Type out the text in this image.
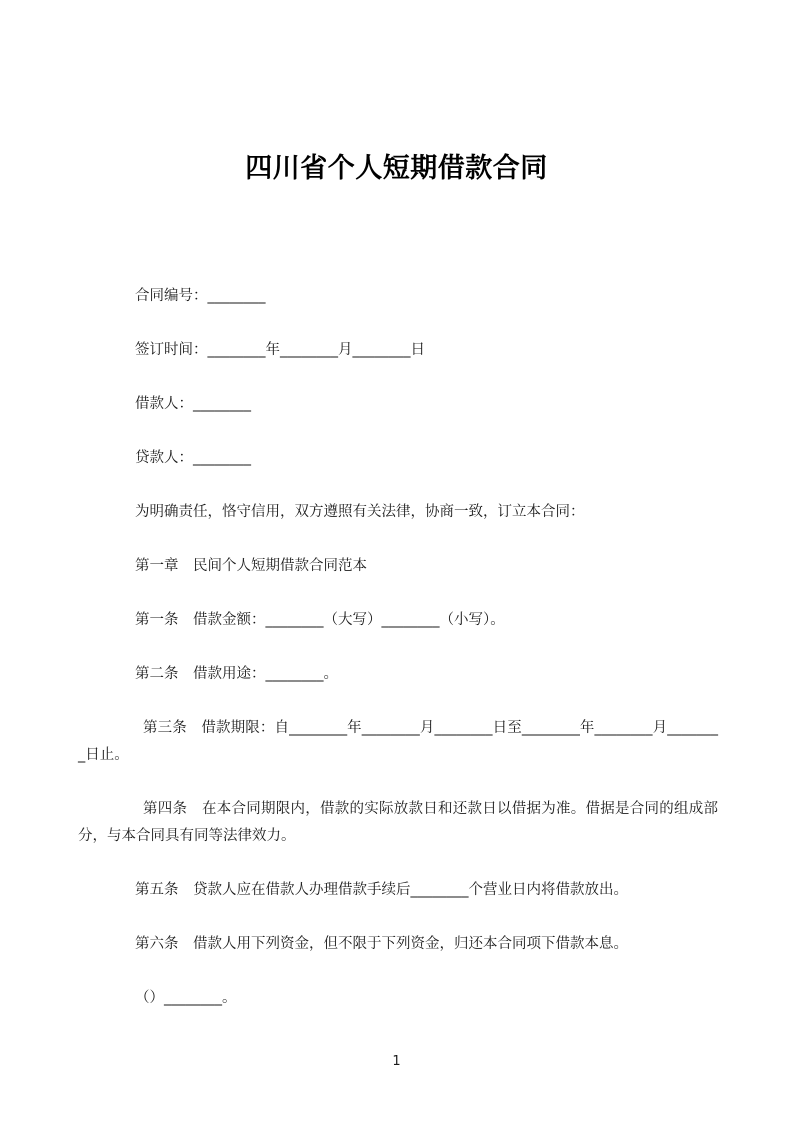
四川省个人短期借款合同

合同编号：________

签订时间：________年________月________日

借款人：________

贷款人：________

为明确责任，恪守信用，双方遵照有关法律，协商一致，订立本合同：

第一章　民间个人短期借款合同范本

第一条　借款金额：________（大写）________（小写）。

第二条　借款用途：________。

第三条　借款期限：自________年________月________日至________年________月________日止。

第四条　在本合同期限内，借款的实际放款日和还款日以借据为准。借据是合同的组成部分，与本合同具有同等法律效力。

第五条　贷款人应在借款人办理借款手续后________个营业日内将借款放出。

第六条　借款人用下列资金，但不限于下列资金，归还本合同项下借款本息。

（）________。

1
